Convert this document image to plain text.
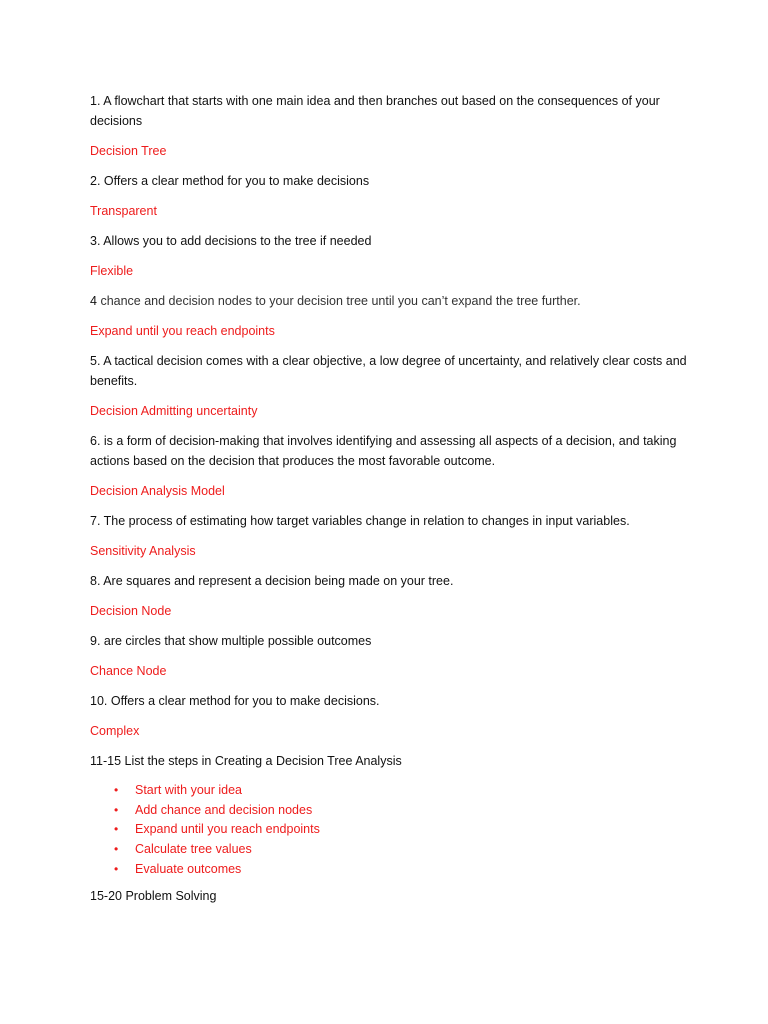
1. A flowchart that starts with one main idea and then branches out based on the consequences of your decisions

Decision Tree

2. Offers a clear method for you to make decisions

Transparent

3. Allows you to add decisions to the tree if needed

Flexible

4 chance and decision nodes to your decision tree until you can’t expand the tree further.

Expand until you reach endpoints

5. A tactical decision comes with a clear objective, a low degree of uncertainty, and relatively clear costs and benefits.

Decision Admitting uncertainty

6. is a form of decision-making that involves identifying and assessing all aspects of a decision, and taking actions based on the decision that produces the most favorable outcome.

Decision Analysis Model

7. The process of estimating how target variables change in relation to changes in input variables.

Sensitivity Analysis

8. Are squares and represent a decision being made on your tree.

Decision Node

9. are circles that show multiple possible outcomes

Chance Node

10. Offers a clear method for you to make decisions.

Complex

11-15 List the steps in Creating a Decision Tree Analysis

• Start with your idea
• Add chance and decision nodes
• Expand until you reach endpoints
• Calculate tree values
• Evaluate outcomes

15-20 Problem Solving
